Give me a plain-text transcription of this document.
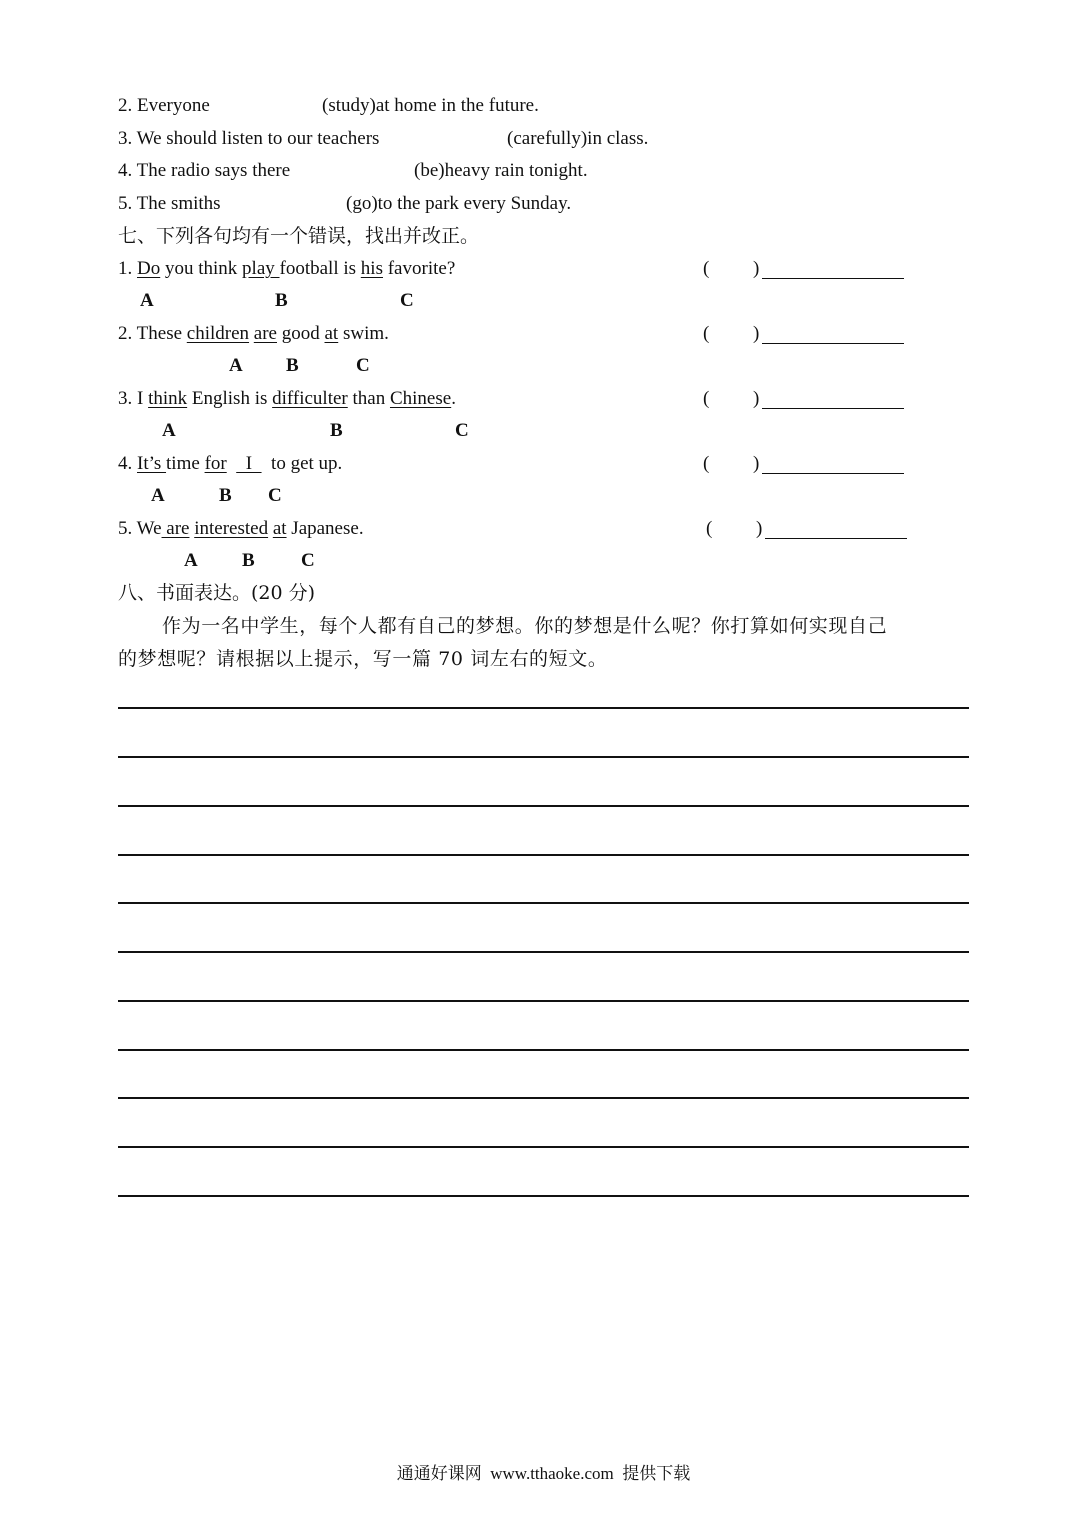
2. Everyone	(study)at home in the future.
3. We should listen to our teachers	(carefully)in class.
4. The radio says there	(be)heavy rain tonight.
5. The smiths	(go)to the park every Sunday.
七、下列各句均有一个错误，找出并改正。
1. Do you think play football is his favorite?
A	B	C
( )
2. These children are good at swim.
A B	C
( )
3. I think English is difficulter than Chinese.
A	B	C
( )
4. It’s time for    I    to get up.
A	B C
( )
5. We are interested at Japanese.
A B C
( )
八、书面表达。(20 分)
作为一名中学生，每个人都有自己的梦想。你的梦想是什么呢？你打算如何实现自己
的梦想呢？请根据以上提示，写一篇 70 词左右的短文。
通通好课网  www.tthaoke.com  提供下载
